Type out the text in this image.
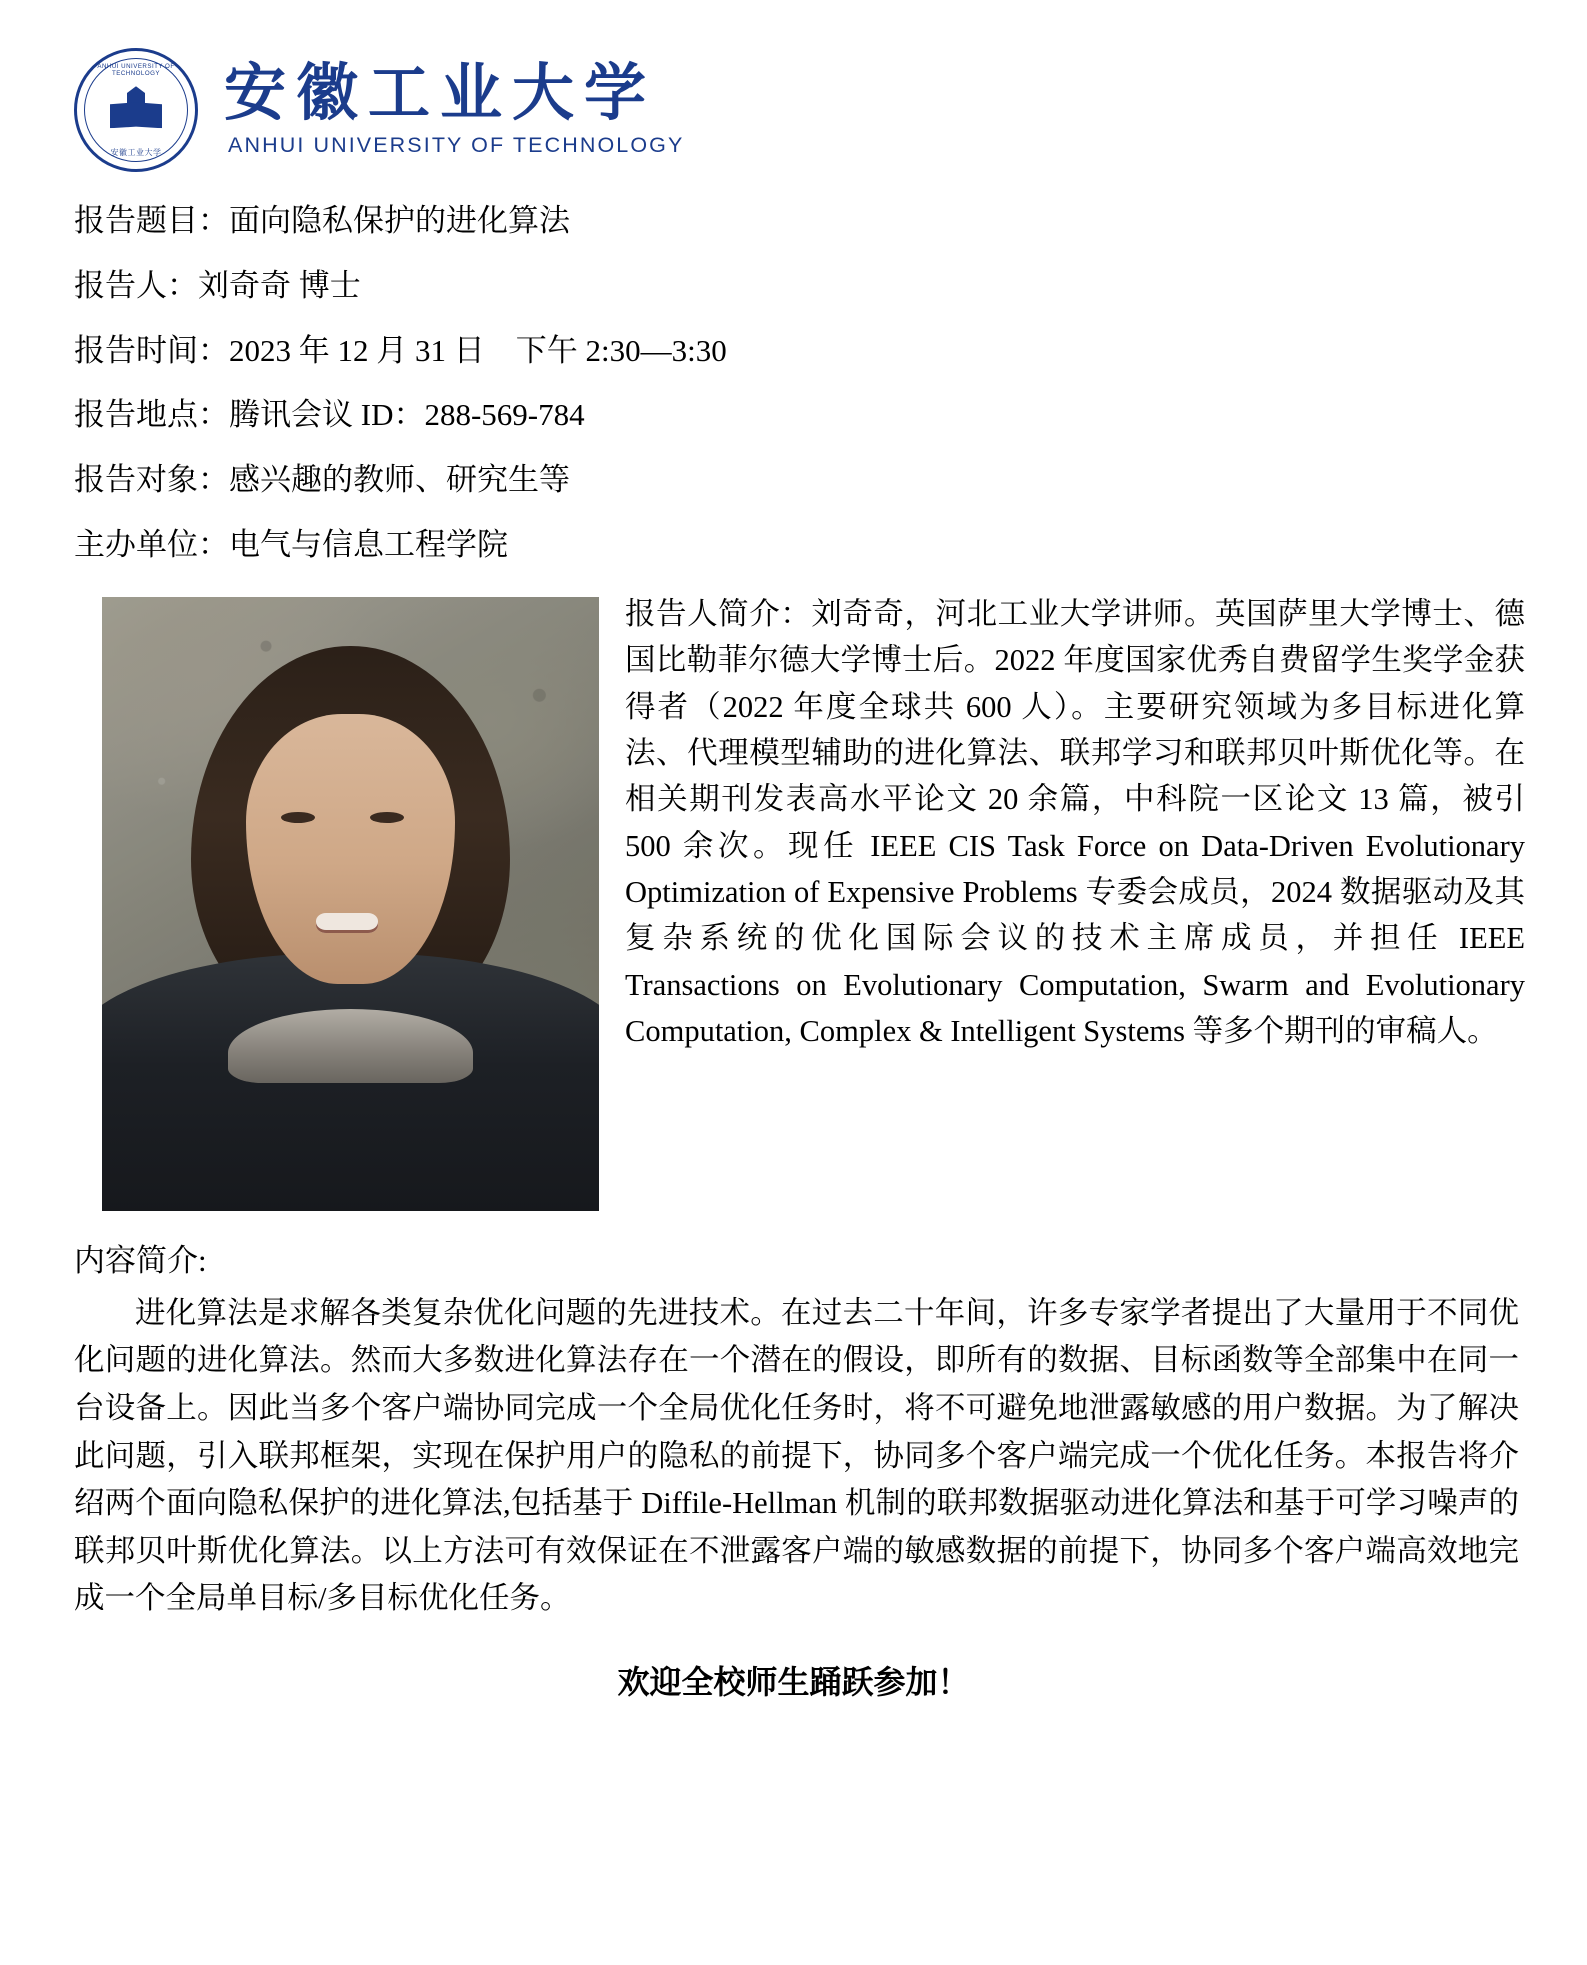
ANHUI UNIVERSITY OF TECHNOLOGY
安徽工业大学
安徽工业大学
ANHUI UNIVERSITY OF TECHNOLOGY

报告题目：面向隐私保护的进化算法

报告人：刘奇奇 博士

报告时间：2023 年 12 月 31 日　下午 2:30—3:30

报告地点：腾讯会议 ID：288-569-784

报告对象：感兴趣的教师、研究生等

主办单位：电气与信息工程学院

报告人简介：刘奇奇，河北工业大学讲师。英国萨里大学博士、德国比勒菲尔德大学博士后。2022 年度国家优秀自费留学生奖学金获得者（2022 年度全球共 600 人）。主要研究领域为多目标进化算法、代理模型辅助的进化算法、联邦学习和联邦贝叶斯优化等。在相关期刊发表高水平论文 20 余篇，中科院一区论文 13 篇，被引 500 余次。现任 IEEE CIS Task Force on Data-Driven Evolutionary Optimization of Expensive Problems 专委会成员，2024 数据驱动及其复杂系统的优化国际会议的技术主席成员，并担任 IEEE Transactions on Evolutionary Computation, Swarm and Evolutionary Computation, Complex & Intelligent Systems 等多个期刊的审稿人。

内容简介:

进化算法是求解各类复杂优化问题的先进技术。在过去二十年间，许多专家学者提出了大量用于不同优化问题的进化算法。然而大多数进化算法存在一个潜在的假设，即所有的数据、目标函数等全部集中在同一台设备上。因此当多个客户端协同完成一个全局优化任务时，将不可避免地泄露敏感的用户数据。为了解决此问题，引入联邦框架，实现在保护用户的隐私的前提下，协同多个客户端完成一个优化任务。本报告将介绍两个面向隐私保护的进化算法,包括基于 Diffile-Hellman 机制的联邦数据驱动进化算法和基于可学习噪声的联邦贝叶斯优化算法。以上方法可有效保证在不泄露客户端的敏感数据的前提下，协同多个客户端高效地完成一个全局单目标/多目标优化任务。

欢迎全校师生踊跃参加！
